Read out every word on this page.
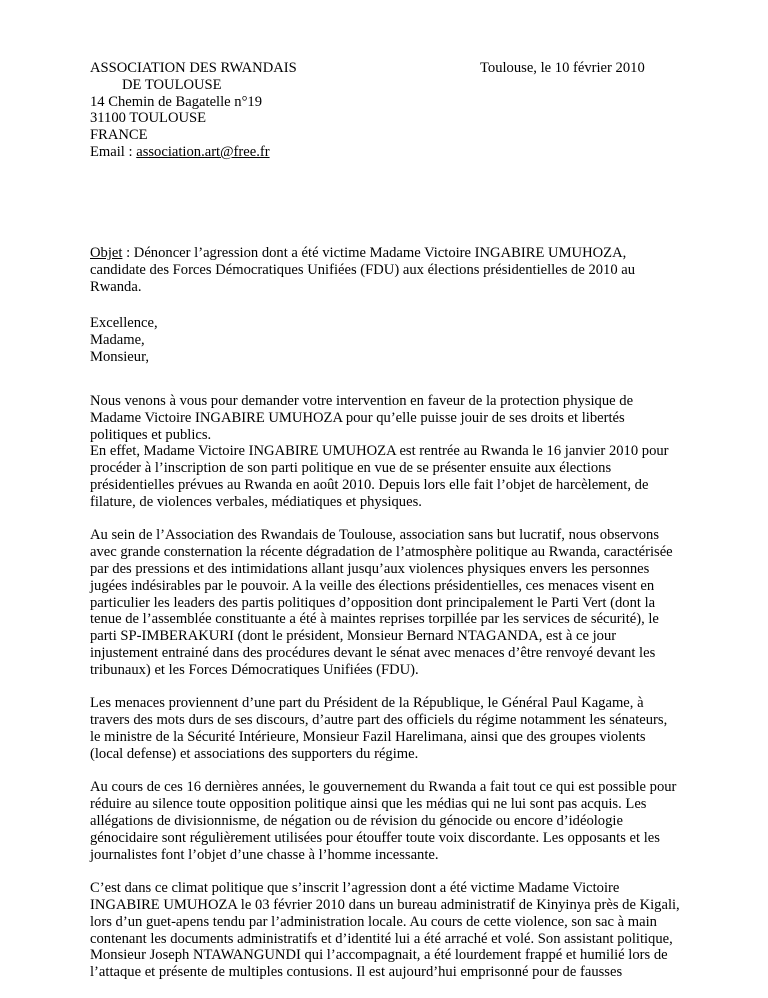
ASSOCIATION DES RWANDAIS
DE TOULOUSE
14 Chemin de Bagatelle n°19
31100 TOULOUSE
FRANCE
Email : association.art@free.fr
Toulouse, le 10 février 2010
Objet : Dénoncer l’agression dont a été victime Madame Victoire INGABIRE UMUHOZA, candidate des Forces Démocratiques Unifiées (FDU) aux élections présidentielles de 2010 au Rwanda.
Excellence,
Madame,
Monsieur,

Nous venons à vous pour demander votre intervention en faveur de la protection physique de Madame Victoire INGABIRE UMUHOZA pour qu’elle puisse jouir de ses droits et libertés politiques et publics.

En effet, Madame Victoire INGABIRE UMUHOZA est rentrée au Rwanda le 16 janvier 2010 pour procéder à l’inscription de son parti politique en vue de se présenter ensuite aux élections présidentielles prévues au Rwanda en août 2010. Depuis lors elle fait l’objet de harcèlement, de filature, de violences verbales, médiatiques et physiques.

Au sein de l’Association des Rwandais de Toulouse, association sans but lucratif, nous observons avec grande consternation la récente dégradation de l’atmosphère politique au Rwanda, caractérisée par des pressions et des intimidations allant jusqu’aux violences physiques envers les personnes jugées indésirables par le pouvoir. A la veille des élections présidentielles, ces menaces visent en particulier les leaders des partis politiques d’opposition dont principalement le Parti Vert (dont la tenue de l’assemblée constituante a été à maintes reprises torpillée par les services de sécurité), le parti SP-IMBERAKURI (dont le président, Monsieur Bernard NTAGANDA, est à ce jour injustement entrainé dans des procédures devant le sénat avec menaces d’être renvoyé devant les tribunaux) et les Forces Démocratiques Unifiées (FDU).

Les menaces proviennent d’une part du Président de la République, le Général Paul Kagame, à travers des mots durs de ses discours, d’autre part des officiels du régime notamment les sénateurs, le ministre de la Sécurité Intérieure, Monsieur Fazil Harelimana, ainsi que des groupes violents (local defense) et associations des supporters du régime.

Au cours de ces 16 dernières années, le gouvernement du Rwanda a fait tout ce qui est possible pour réduire au silence toute opposition politique ainsi que les médias qui ne lui sont pas acquis. Les allégations de divisionnisme, de négation ou de révision du génocide ou encore d’idéologie génocidaire sont régulièrement utilisées pour étouffer toute voix discordante. Les opposants et les journalistes font l’objet d’une chasse à l’homme incessante.

C’est dans ce climat politique que s’inscrit l’agression dont a été victime Madame Victoire INGABIRE UMUHOZA le 03 février 2010 dans un bureau administratif de Kinyinya près de Kigali, lors d’un guet-apens tendu par l’administration locale. Au cours de cette violence, son sac à main contenant les documents administratifs et d’identité lui a été arraché et volé. Son assistant politique, Monsieur Joseph NTAWANGUNDI qui l’accompagnait, a été lourdement frappé et humilié lors de l’attaque et présente de multiples contusions. Il est aujourd’hui emprisonné pour de fausses
